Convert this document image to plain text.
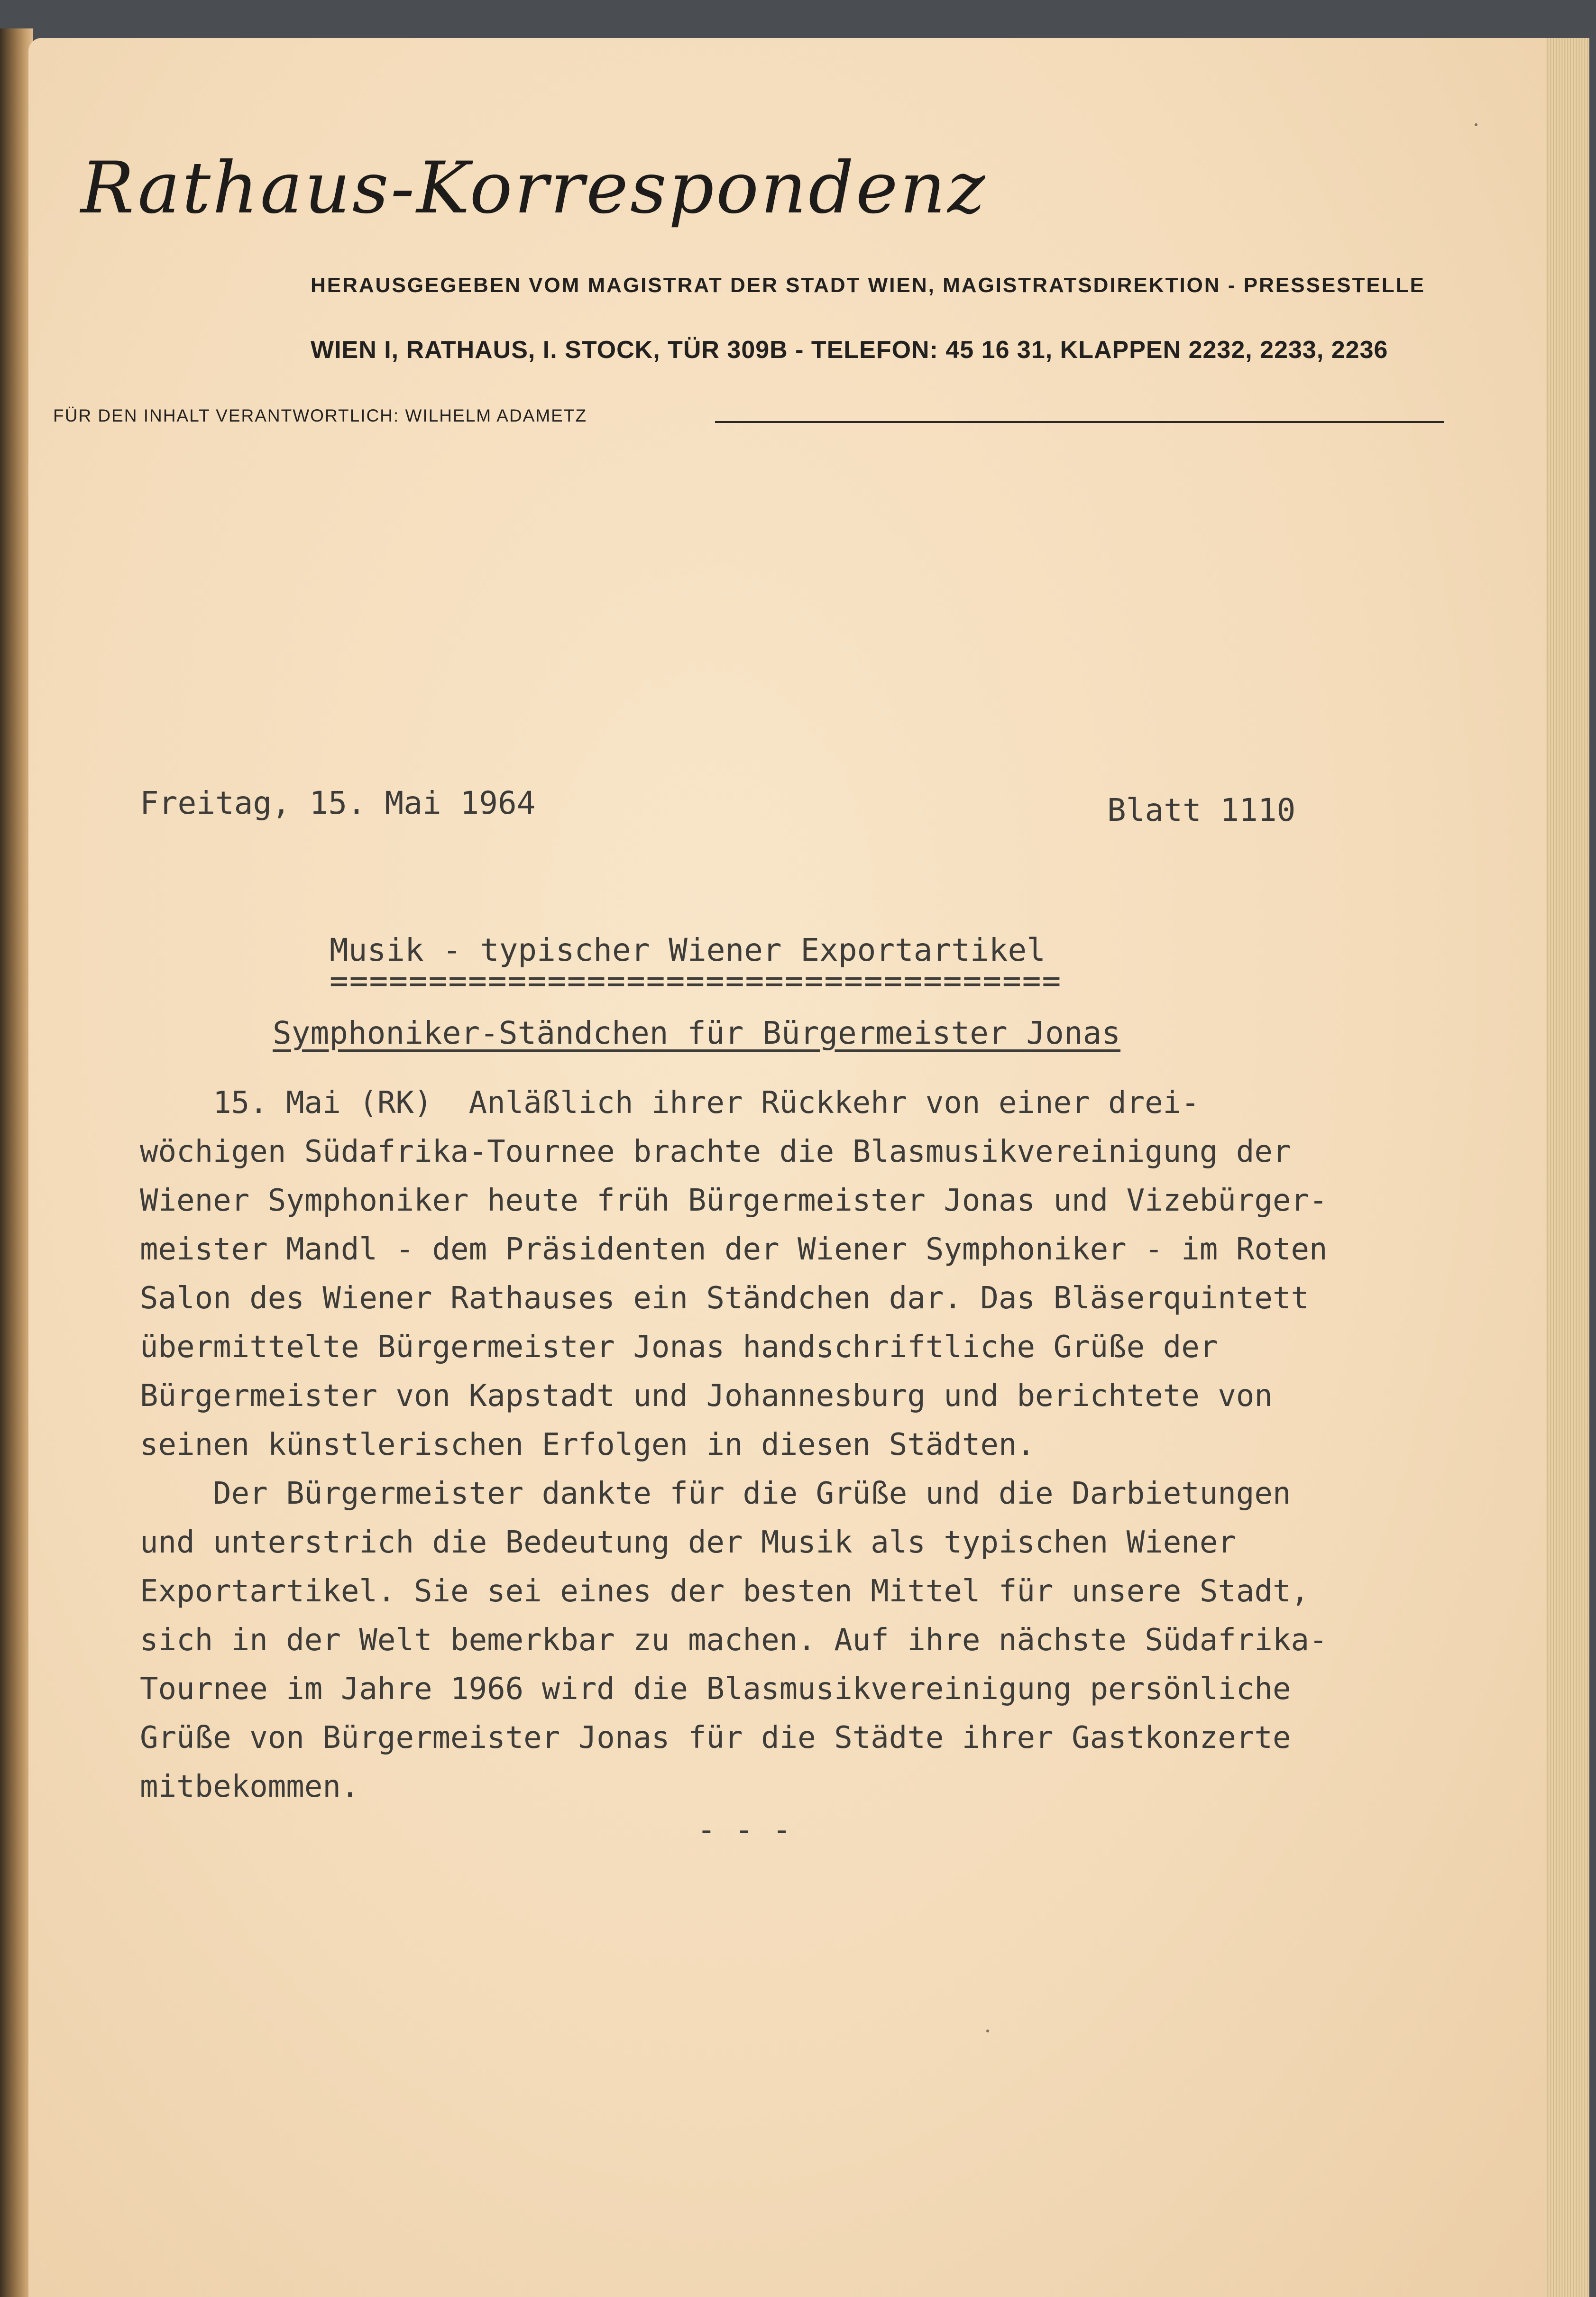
Rathaus-Korrespondenz
HERAUSGEGEBEN VOM MAGISTRAT DER STADT WIEN, MAGISTRATSDIREKTION - PRESSESTELLE
WIEN I, RATHAUS, I. STOCK, TÜR 309B - TELEFON: 45 16 31, KLAPPEN 2232, 2233, 2236
FÜR DEN INHALT VERANTWORTLICH: WILHELM ADAMETZ
Freitag, 15. Mai 1964	Blatt 1110
Musik - typischer Wiener Exportartikel
=====================================
Symphoniker-Ständchen für Bürgermeister Jonas
15. Mai (RK)  Anläßlich ihrer Rückkehr von einer drei-
wöchigen Südafrika-Tournee brachte die Blasmusikvereinigung der
Wiener Symphoniker heute früh Bürgermeister Jonas und Vizebürger-
meister Mandl - dem Präsidenten der Wiener Symphoniker - im Roten
Salon des Wiener Rathauses ein Ständchen dar. Das Bläserquintett
übermittelte Bürgermeister Jonas handschriftliche Grüße der
Bürgermeister von Kapstadt und Johannesburg und berichtete von
seinen künstlerischen Erfolgen in diesen Städten.
Der Bürgermeister dankte für die Grüße und die Darbietungen
und unterstrich die Bedeutung der Musik als typischen Wiener
Exportartikel. Sie sei eines der besten Mittel für unsere Stadt,
sich in der Welt bemerkbar zu machen. Auf ihre nächste Südafrika-
Tournee im Jahre 1966 wird die Blasmusikvereinigung persönliche
Grüße von Bürgermeister Jonas für die Städte ihrer Gastkonzerte
mitbekommen.
- - -
